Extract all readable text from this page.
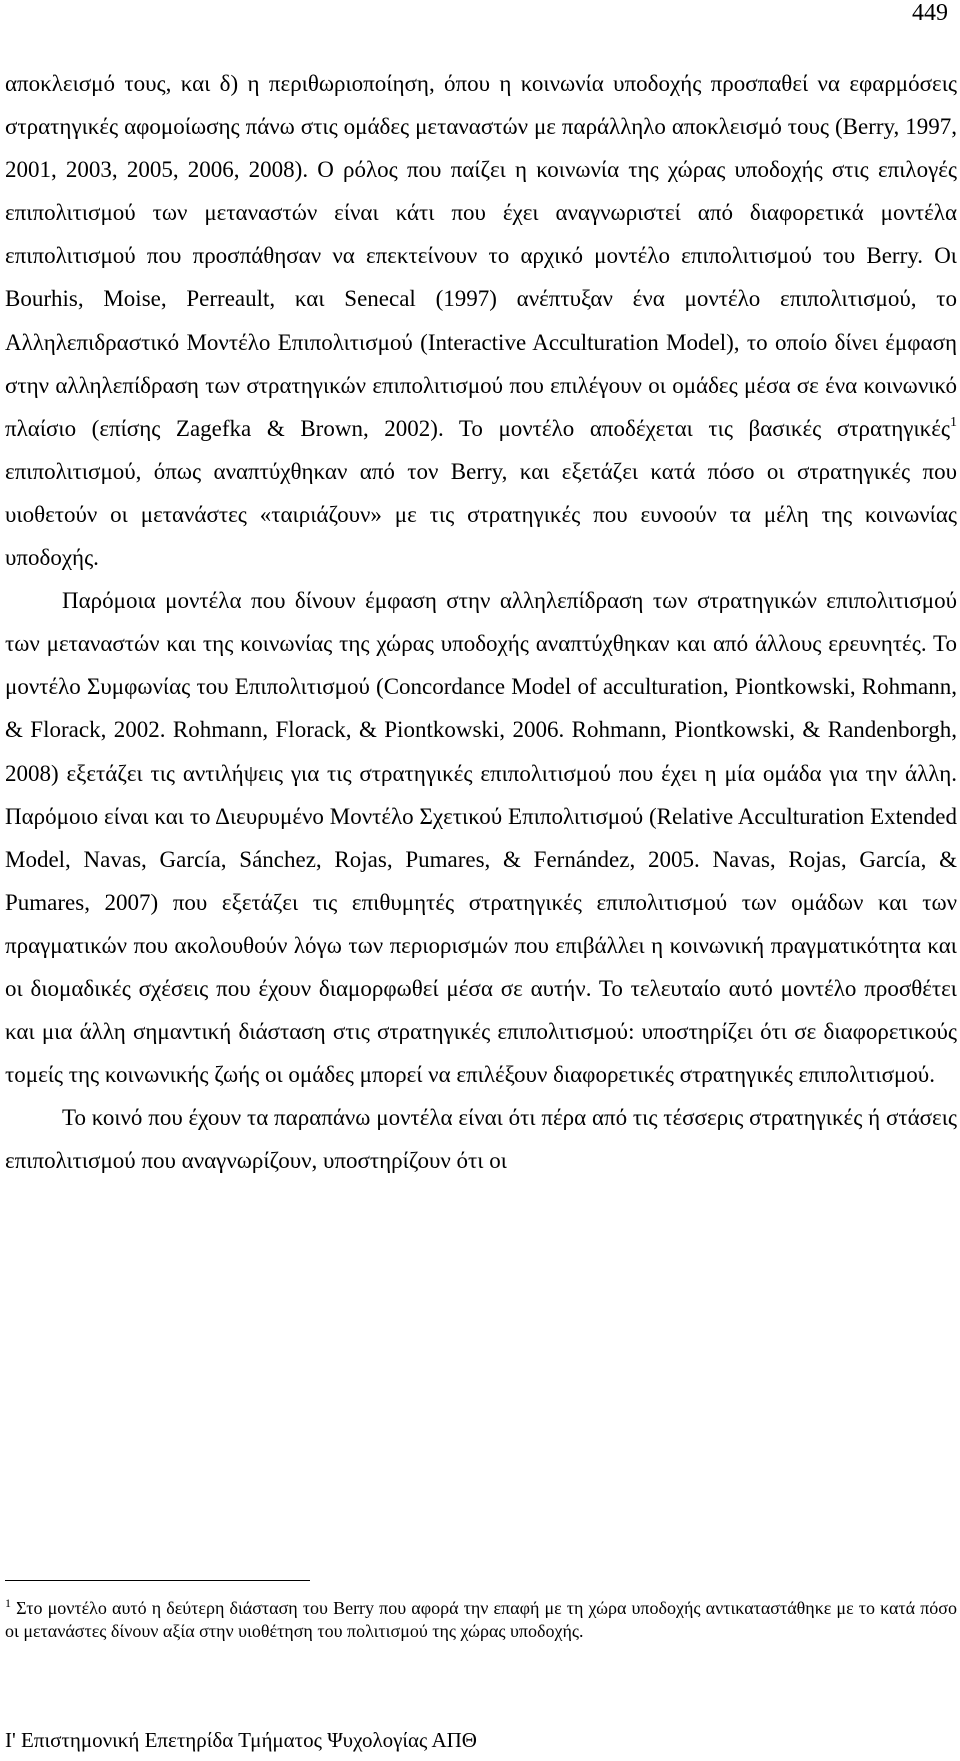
449

αποκλεισμό τους, και δ) η περιθωριοποίηση, όπου η κοινωνία υποδοχής προσπαθεί να εφαρμόσεις στρατηγικές αφομοίωσης πάνω στις ομάδες μεταναστών με παράλληλο αποκλεισμό τους (Berry, 1997, 2001, 2003, 2005, 2006, 2008). Ο ρόλος που παίζει η κοινωνία της χώρας υποδοχής στις επιλογές επιπολιτισμού των μεταναστών είναι κάτι που έχει αναγνωριστεί από διαφορετικά μοντέλα επιπολιτισμού που προσπάθησαν να επεκτείνουν το αρχικό μοντέλο επιπολιτισμού του Berry. Οι Bourhis, Moise, Perreault, και Senecal (1997) ανέπτυξαν ένα μοντέλο επιπολιτισμού, το Αλληλεπιδραστικό Μοντέλο Επιπολιτισμού (Interactive Acculturation Model), το οποίο δίνει έμφαση στην αλληλεπίδραση των στρατηγικών επιπολιτισμού που επιλέγουν οι ομάδες μέσα σε ένα κοινωνικό πλαίσιο (επίσης Zagefka & Brown, 2002). Το μοντέλο αποδέχεται τις βασικές στρατηγικές$^1$ επιπολιτισμού, όπως αναπτύχθηκαν από τον Berry, και εξετάζει κατά πόσο οι στρατηγικές που υιοθετούν οι μετανάστες «ταιριάζουν» με τις στρατηγικές που ευνοούν τα μέλη της κοινωνίας υποδοχής.

Παρόμοια μοντέλα που δίνουν έμφαση στην αλληλεπίδραση των στρατηγικών επιπολιτισμού των μεταναστών και της κοινωνίας της χώρας υποδοχής αναπτύχθηκαν και από άλλους ερευνητές. Το μοντέλο Συμφωνίας του Επιπολιτισμού (Concordance Model of acculturation, Piontkowski, Rohmann, & Florack, 2002. Rohmann, Florack, & Piontkowski, 2006. Rohmann, Piontkowski, & Randenborgh, 2008) εξετάζει τις αντιλήψεις για τις στρατηγικές επιπολιτισμού που έχει η μία ομάδα για την άλλη. Παρόμοιο είναι και το Διευρυμένο Μοντέλο Σχετικού Επιπολιτισμού (Relative Acculturation Extended Model, Navas, García, Sánchez, Rojas, Pumares, & Fernández, 2005. Navas, Rojas, García, & Pumares, 2007) που εξετάζει τις επιθυμητές στρατηγικές επιπολιτισμού των ομάδων και των πραγματικών που ακολουθούν λόγω των περιορισμών που επιβάλλει η κοινωνική πραγματικότητα και οι διομαδικές σχέσεις που έχουν διαμορφωθεί μέσα σε αυτήν. Το τελευταίο αυτό μοντέλο προσθέτει και μια άλλη σημαντική διάσταση στις στρατηγικές επιπολιτισμού: υποστηρίζει ότι σε διαφορετικούς τομείς της κοινωνικής ζωής οι ομάδες μπορεί να επιλέξουν διαφορετικές στρατηγικές επιπολιτισμού.

Το κοινό που έχουν τα παραπάνω μοντέλα είναι ότι πέρα από τις τέσσερις στρατηγικές ή στάσεις επιπολιτισμού που αναγνωρίζουν, υποστηρίζουν ότι οι

$^1$ Στο μοντέλο αυτό η δεύτερη διάσταση του Berry που αφορά την επαφή με τη χώρα υποδοχής αντικαταστάθηκε με το κατά πόσο οι μετανάστες δίνουν αξία στην υιοθέτηση του πολιτισμού της χώρας υποδοχής.

Ι' Επιστημονική Επετηρίδα Τμήματος Ψυχολογίας ΑΠΘ
